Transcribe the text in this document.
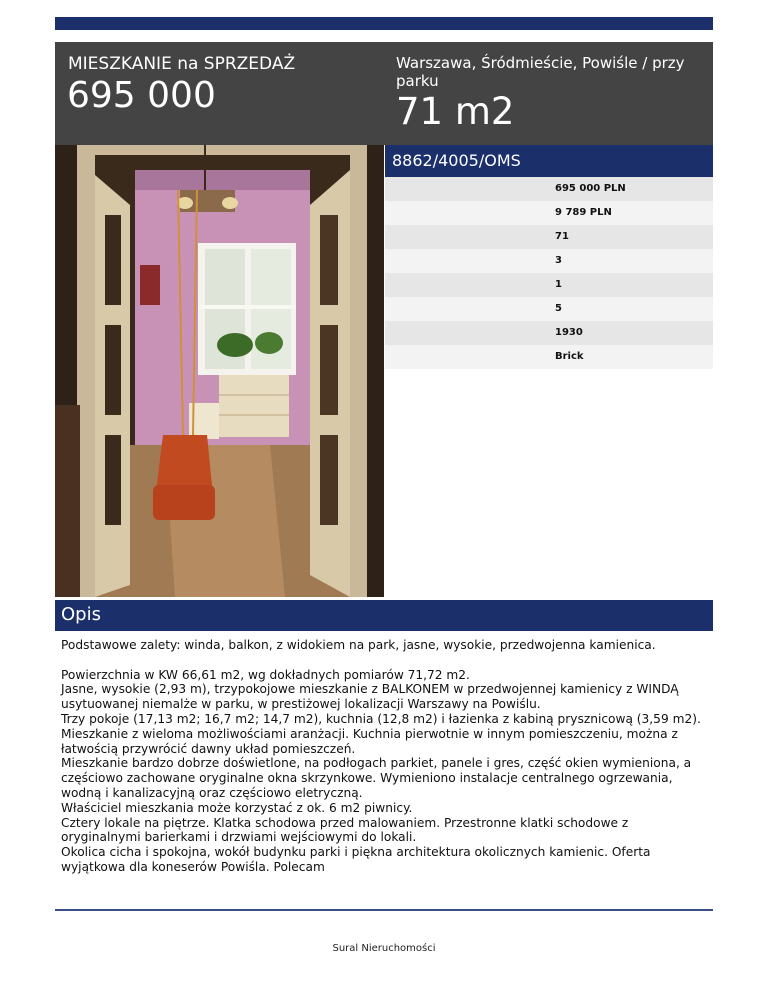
MIESZKANIE na SPRZEDAŻ
695 000
Warszawa, Śródmieście, Powiśle / przy parku
71 m2
8862/4005/OMS
695 000 PLN
9 789 PLN
71
3
1
5
1930
Brick
Opis

Podstawowe zalety: winda, balkon, z widokiem na park, jasne, wysokie, przedwojenna kamienica.

Powierzchnia w KW 66,61 m2, wg dokładnych pomiarów 71,72 m2.

Jasne, wysokie (2,93 m), trzypokojowe mieszkanie z BALKONEM w przedwojennej kamienicy z WINDĄ usytuowanej niemalże w parku, w prestiżowej lokalizacji Warszawy na Powiślu.

Trzy pokoje (17,13 m2; 16,7 m2; 14,7 m2), kuchnia (12,8 m2) i łazienka z kabiną prysznicową (3,59 m2).

Mieszkanie z wieloma możliwościami aranżacji. Kuchnia pierwotnie w innym pomieszczeniu, można z łatwością przywrócić dawny układ pomieszczeń.

Mieszkanie bardzo dobrze doświetlone, na podłogach parkiet, panele i gres, część okien wymieniona, a częściowo zachowane oryginalne okna skrzynkowe. Wymieniono instalacje centralnego ogrzewania, wodną i kanalizacyjną oraz częściowo eletryczną.

Właściciel mieszkania może korzystać z ok. 6 m2 piwnicy.

Cztery lokale na piętrze. Klatka schodowa przed malowaniem. Przestronne klatki schodowe z oryginalnymi barierkami i drzwiami wejściowymi do lokali.

Okolica cicha i spokojna, wokół budynku parki i piękna architektura okolicznych kamienic. Oferta wyjątkowa dla koneserów Powiśla. Polecam

Sural Nieruchomości
